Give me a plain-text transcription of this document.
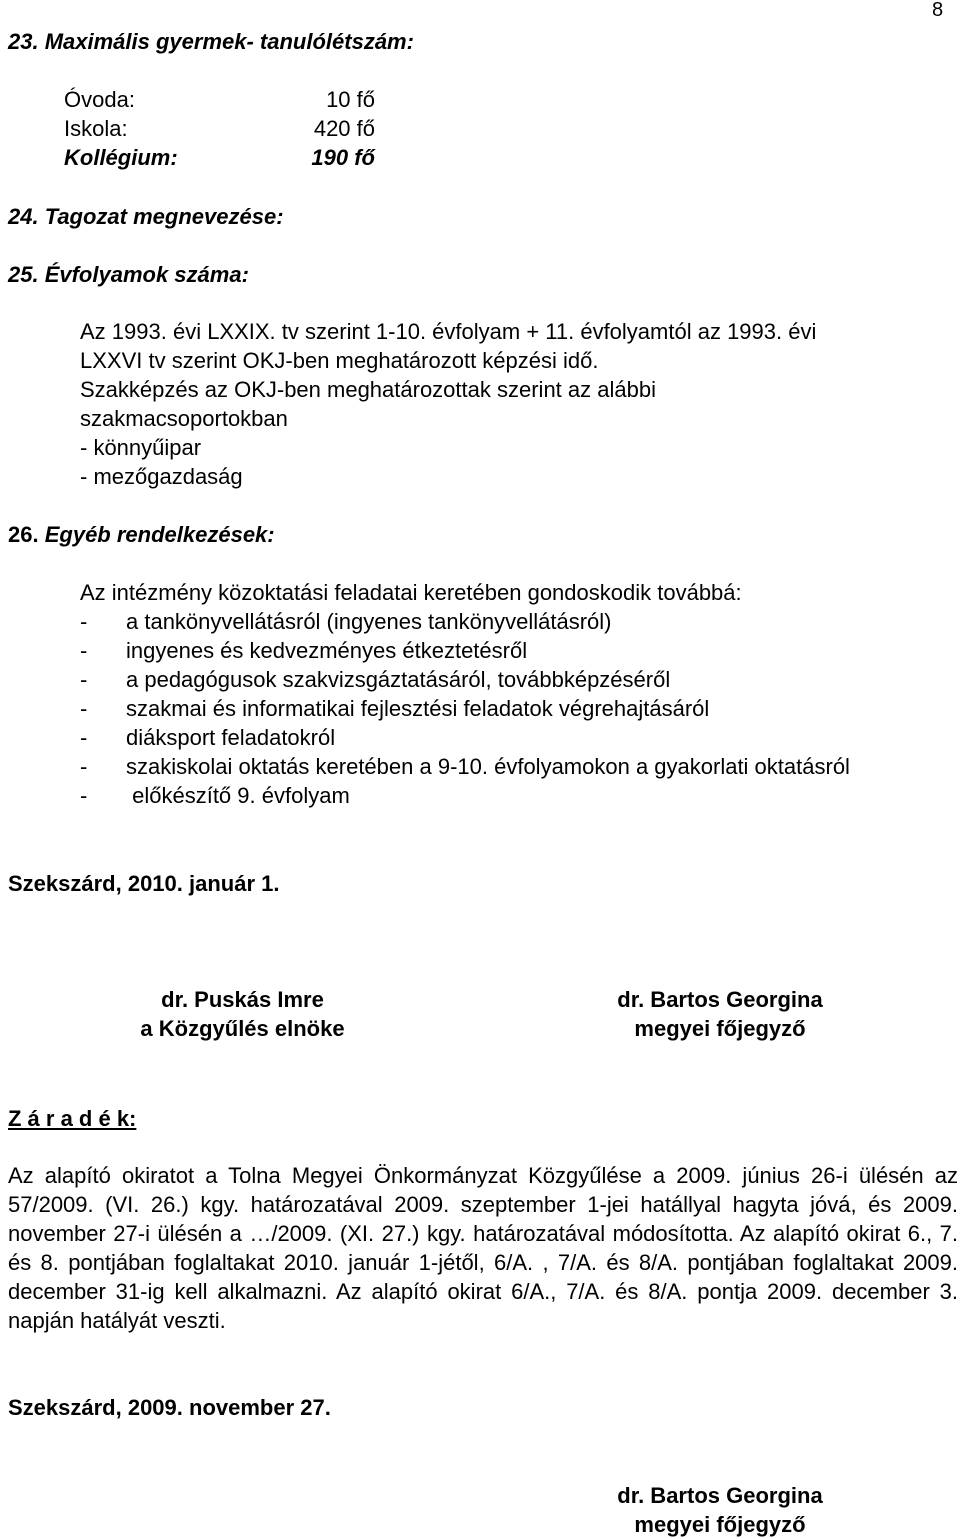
8
23. Maximális gyermek- tanulólétszám:
Óvoda:	10 fő
Iskola:	420 fő
Kollégium:	190 fő
24. Tagozat megnevezése:
25. Évfolyamok száma:
Az 1993. évi LXXIX. tv szerint 1-10. évfolyam + 11. évfolyamtól az 1993. évi
LXXVI tv szerint OKJ-ben meghatározott képzési idő.
Szakképzés az OKJ-ben meghatározottak szerint az alábbi
szakmacsoportokban
- könnyűipar
- mezőgazdaság
26. Egyéb rendelkezések:
Az intézmény közoktatási feladatai keretében gondoskodik továbbá:
- a tankönyvellátásról (ingyenes tankönyvellátásról)
- ingyenes és kedvezményes étkeztetésről
- a pedagógusok szakvizsgáztatásáról, továbbképzéséről
- szakmai és informatikai fejlesztési feladatok végrehajtásáról
- diáksport feladatokról
- szakiskolai oktatás keretében a 9-10. évfolyamokon a gyakorlati oktatásról
- előkészítő 9. évfolyam
Szekszárd, 2010. január 1.
dr. Puskás Imre
a Közgyűlés elnöke
dr. Bartos Georgina
megyei főjegyző
Z á r a d é k:
Az alapító okiratot a Tolna Megyei Önkormányzat Közgyűlése a 2009. június 26-i ülésén az 57/2009. (VI. 26.) kgy. határozatával 2009. szeptember 1-jei hatállyal hagyta jóvá, és 2009. november 27-i ülésén a …/2009. (XI. 27.) kgy. határozatával módosította. Az alapító okirat 6., 7. és 8. pontjában foglaltakat 2010. január 1-jétől, 6/A. , 7/A. és 8/A. pontjában foglaltakat 2009. december 31-ig kell alkalmazni. Az alapító okirat 6/A., 7/A. és 8/A. pontja 2009. december 3. napján hatályát veszti.
Szekszárd, 2009. november 27.
dr. Bartos Georgina
megyei főjegyző
